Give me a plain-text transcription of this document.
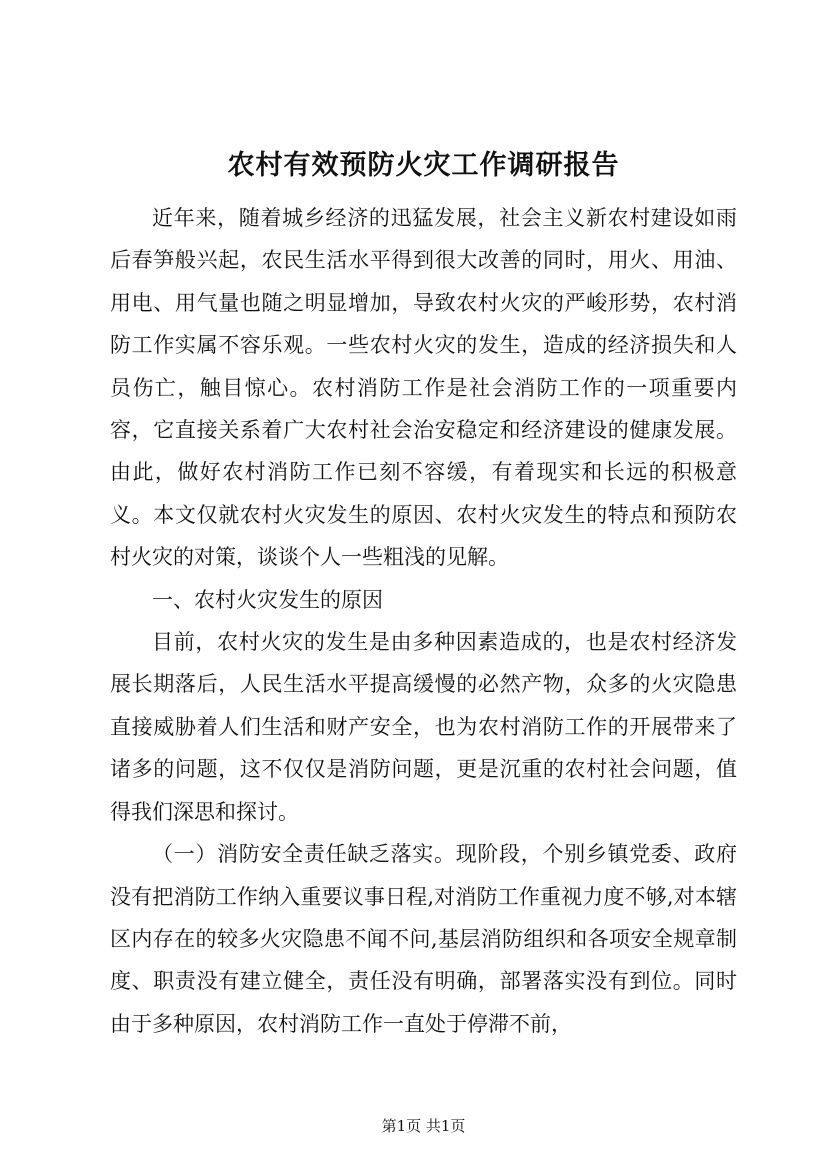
农村有效预防火灾工作调研报告

近年来，随着城乡经济的迅猛发展，社会主义新农村建设如雨后春笋般兴起，农民生活水平得到很大改善的同时，用火、用油、用电、用气量也随之明显增加，导致农村火灾的严峻形势，农村消防工作实属不容乐观。一些农村火灾的发生，造成的经济损失和人员伤亡，触目惊心。农村消防工作是社会消防工作的一项重要内容，它直接关系着广大农村社会治安稳定和经济建设的健康发展。由此，做好农村消防工作已刻不容缓，有着现实和长远的积极意义。本文仅就农村火灾发生的原因、农村火灾发生的特点和预防农村火灾的对策，谈谈个人一些粗浅的见解。

一、农村火灾发生的原因

目前，农村火灾的发生是由多种因素造成的，也是农村经济发展长期落后，人民生活水平提高缓慢的必然产物，众多的火灾隐患直接威胁着人们生活和财产安全，也为农村消防工作的开展带来了诸多的问题，这不仅仅是消防问题，更是沉重的农村社会问题，值得我们深思和探讨。

（一）消防安全责任缺乏落实。现阶段，个别乡镇党委、政府没有把消防工作纳入重要议事日程,对消防工作重视力度不够,对本辖区内存在的较多火灾隐患不闻不问,基层消防组织和各项安全规章制度、职责没有建立健全，责任没有明确，部署落实没有到位。同时由于多种原因，农村消防工作一直处于停滞不前，

第1页 共1页
